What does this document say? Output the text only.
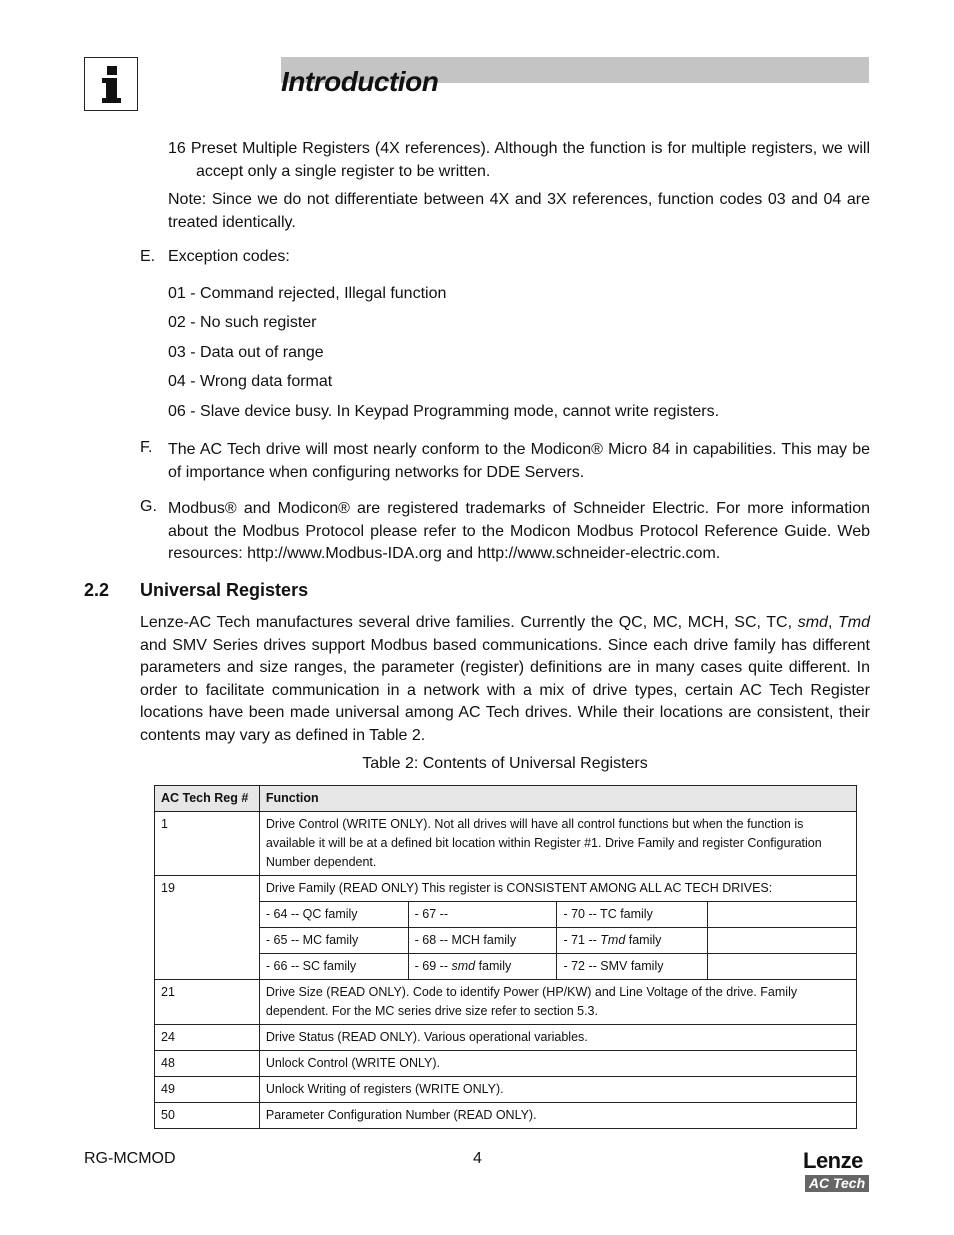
Introduction
16 Preset Multiple Registers (4X references). Although the function is for multiple registers, we will accept only a single register to be written.
Note: Since we do not differentiate between 4X and 3X references, function codes 03 and 04 are treated identically.
E. Exception codes:
01 - Command rejected, Illegal function
02 - No such register
03 - Data out of range
04 - Wrong data format
06 - Slave device busy. In Keypad Programming mode, cannot write registers.
F. The AC Tech drive will most nearly conform to the Modicon® Micro 84 in capabilities. This may be of importance when configuring networks for DDE Servers.
G. Modbus® and Modicon® are registered trademarks of Schneider Electric. For more information about the Modbus Protocol please refer to the Modicon Modbus Protocol Reference Guide. Web resources: http://www.Modbus-IDA.org and http://www.schneider-electric.com.
2.2 Universal Registers
Lenze-AC Tech manufactures several drive families. Currently the QC, MC, MCH, SC, TC, smd, Tmd and SMV Series drives support Modbus based communications. Since each drive family has different parameters and size ranges, the parameter (register) definitions are in many cases quite different. In order to facilitate communication in a network with a mix of drive types, certain AC Tech Register locations have been made universal among AC Tech drives. While their locations are consistent, their contents may vary as defined in Table 2.
Table 2: Contents of Universal Registers
AC Tech Reg #	Function			
1	Drive Control (WRITE ONLY). Not all drives will have all control functions but when the function is available it will be at a defined bit location within Register #1. Drive Family and register Configuration Number dependent.			
19	Drive Family (READ ONLY) This register is CONSISTENT AMONG ALL AC TECH DRIVES:			
	- 64 -- QC family	- 67 --	- 70 -- TC family	
	- 65 -- MC family	- 68 -- MCH family	- 71 -- Tmd family	
	- 66 -- SC family	- 69 -- smd family	- 72 -- SMV family	
21	Drive Size (READ ONLY). Code to identify Power (HP/KW) and Line Voltage of the drive. Family dependent. For the MC series drive size refer to section 5.3.			
24	Drive Status (READ ONLY). Various operational variables.			
48	Unlock Control (WRITE ONLY).			
49	Unlock Writing of registers (WRITE ONLY).			
50	Parameter Configuration Number (READ ONLY).			
RG-MCMOD	4	Lenze
AC Tech
